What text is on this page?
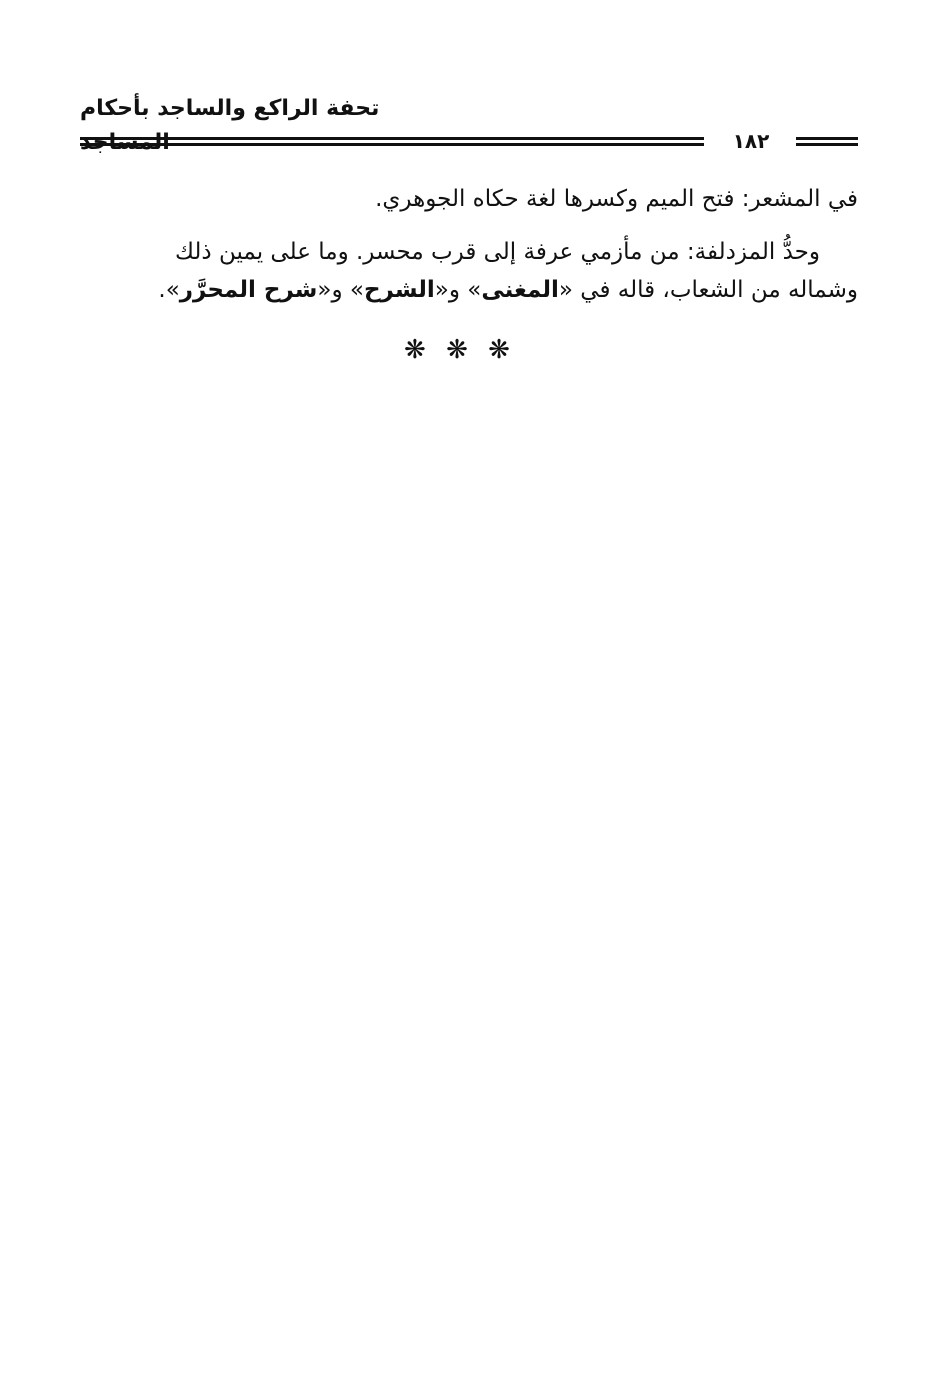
تحفة الراكع والساجد بأحكام
١٨٢

في المشعر: فتح الميم وكسرها لغة حكاه الجوهري.

وحدُّ المزدلفة: من مأزمي عرفة إلى قرب محسر. وما على يمين ذلك
وشماله من الشعاب، قاله في «المغنى» و«الشرح» و«شرح المحرَّر».

❋ ❋ ❋
